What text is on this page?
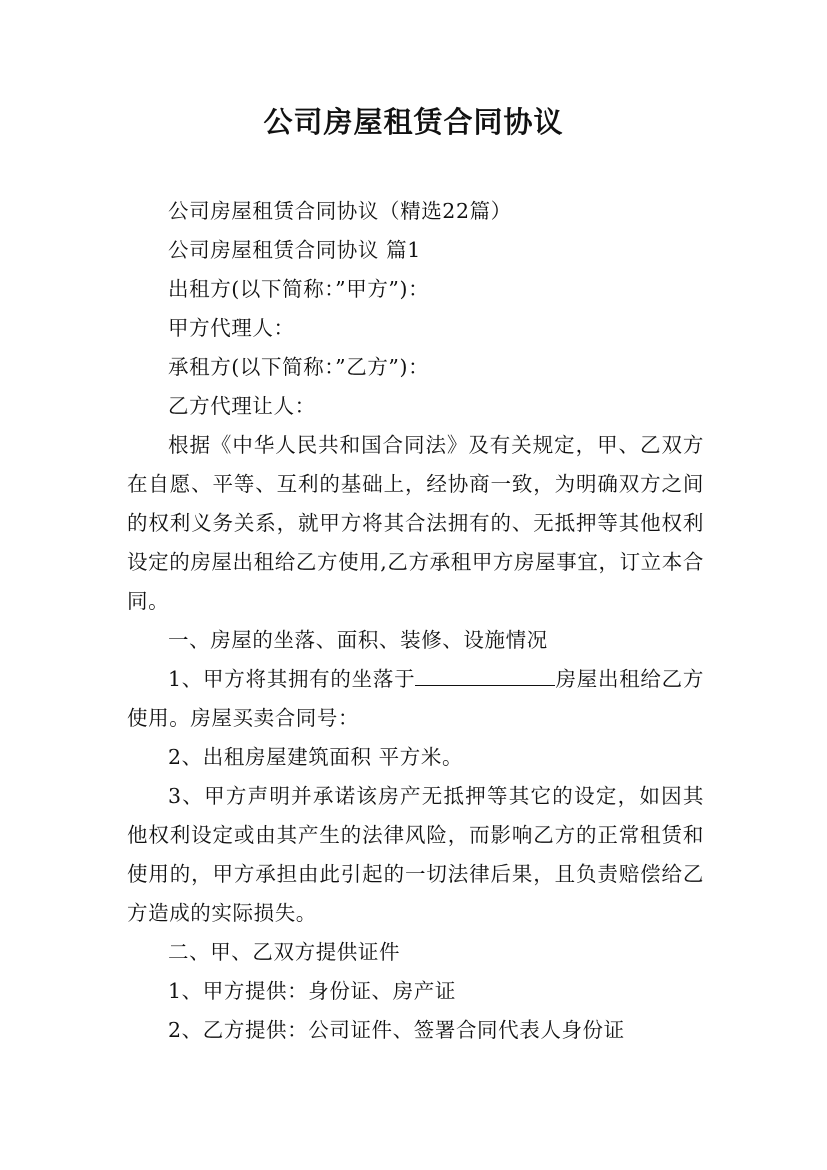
公司房屋租赁合同协议

公司房屋租赁合同协议（精选22篇）

公司房屋租赁合同协议 篇1

出租方(以下简称：”甲方”)：

甲方代理人：

承租方(以下简称：”乙方”)：

乙方代理让人：

根据《中华人民共和国合同法》及有关规定，甲、乙双方在自愿、平等、互利的基础上，经协商一致，为明确双方之间的权利义务关系，就甲方将其合法拥有的、无抵押等其他权利设定的房屋出租给乙方使用,乙方承租甲方房屋事宜，订立本合同。

一、房屋的坐落、面积、装修、设施情况

1、甲方将其拥有的坐落于	房屋出租给乙方使用。房屋买卖合同号：

2、出租房屋建筑面积 平方米。

3、甲方声明并承诺该房产无抵押等其它的设定，如因其他权利设定或由其产生的法律风险，而影响乙方的正常租赁和使用的，甲方承担由此引起的一切法律后果，且负责赔偿给乙方造成的实际损失。

二、甲、乙双方提供证件

1、甲方提供：身份证、房产证

2、乙方提供：公司证件、签署合同代表人身份证
